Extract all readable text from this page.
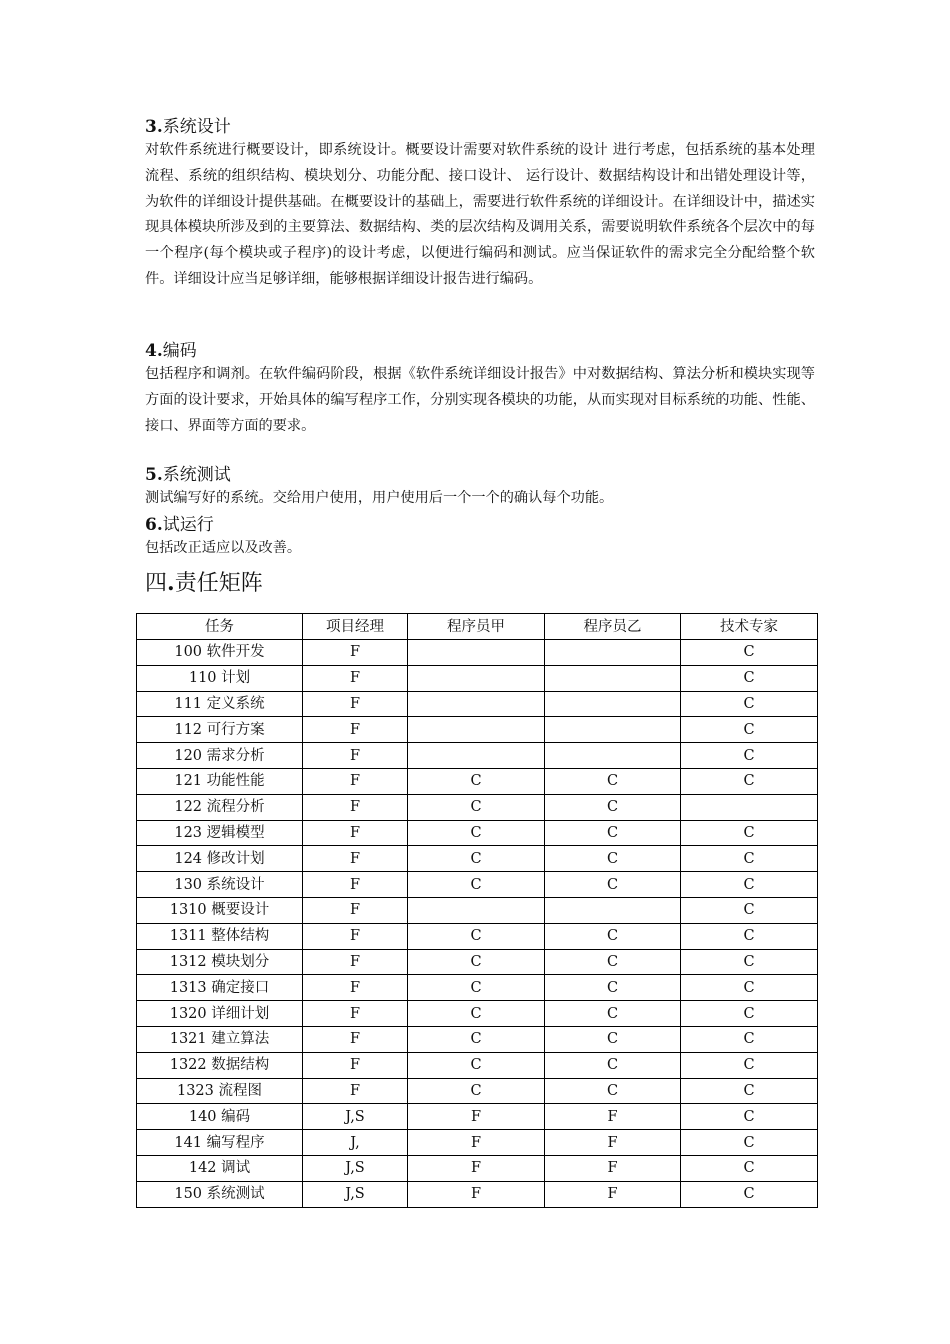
3.系统设计
对软件系统进行概要设计，即系统设计。概要设计需要对软件系统的设计 进行考虑，包括系统的基本处理流程、系统的组织结构、模块划分、功能分配、接口设计、 运行设计、数据结构设计和出错处理设计等，为软件的详细设计提供基础。在概要设计的基础上，需要进行软件系统的详细设计。在详细设计中，描述实 现具体模块所涉及到的主要算法、数据结构、类的层次结构及调用关系，需要说明软件系统各个层次中的每一个程序(每个模块或子程序)的设计考虑，以便进行编码和测试。应当保证软件的需求完全分配给整个软件。详细设计应当足够详细，能够根据详细设计报告进行编码。
4.编码
包括程序和调剂。在软件编码阶段，根据《软件系统详细设计报告》中对数据结构、算法分析和模块实现等方面的设计要求，开始具体的编写程序工作，分别实现各模块的功能，从而实现对目标系统的功能、性能、接口、界面等方面的要求。
5.系统测试
测试编写好的系统。交给用户使用，用户使用后一个一个的确认每个功能。
6.试运行
包括改正适应以及改善。
四.责任矩阵
任务	项目经理	程序员甲	程序员乙	技术专家
100 软件开发	F			C
110 计划	F			C
111 定义系统	F			C
112 可行方案	F			C
120 需求分析	F			C
121 功能性能	F	C	C	C
122 流程分析	F	C	C	
123 逻辑模型	F	C	C	C
124 修改计划	F	C	C	C
130 系统设计	F	C	C	C
1310 概要设计	F			C
1311 整体结构	F	C	C	C
1312 模块划分	F	C	C	C
1313 确定接口	F	C	C	C
1320 详细计划	F	C	C	C
1321 建立算法	F	C	C	C
1322 数据结构	F	C	C	C
1323 流程图	F	C	C	C
140 编码	J,S	F	F	C
141 编写程序	J,	F	F	C
142 调试	J,S	F	F	C
150 系统测试	J,S	F	F	C
